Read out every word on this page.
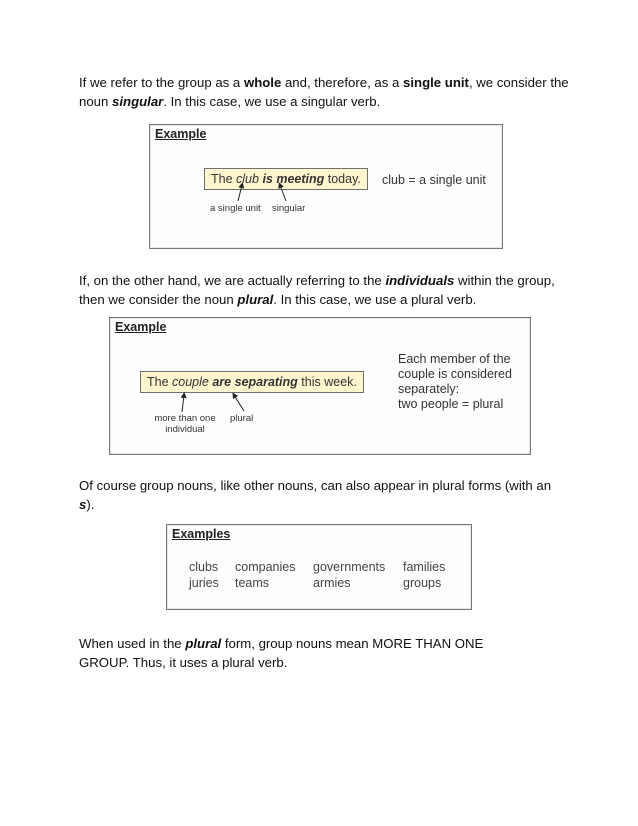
If we refer to the group as a whole and, therefore, as a single unit, we consider the noun singular. In this case, we use a singular verb.

Example
The club is meeting today.	club = a single unit
a single unit singular

If, on the other hand, we are actually referring to the individuals within the group, then we consider the noun plural. In this case, we use a plural verb.

Example
The couple are separating this week.
Each member of the
couple is considered
separately:
two people = plural
more than one individual
plural

Of course group nouns, like other nouns, can also appear in plural forms (with an s).

Examples
clubs companies governments families
juries teams	armies	groups

When used in the plural form, group nouns mean MORE THAN ONE GROUP. Thus, it uses a plural verb.
